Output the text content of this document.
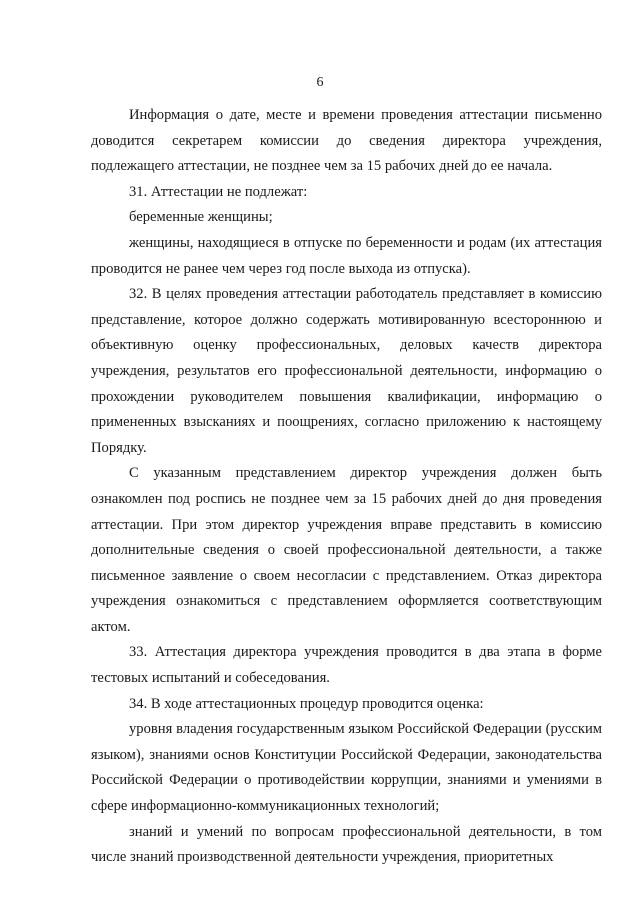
6

Информация о дате, месте и времени проведения аттестации письменно доводится секретарем комиссии до сведения директора учреждения, подлежащего аттестации, не позднее чем за 15 рабочих дней до ее начала.

31. Аттестации не подлежат:

беременные женщины;

женщины, находящиеся в отпуске по беременности и родам (их аттестация проводится не ранее чем через год после выхода из отпуска).

32. В целях проведения аттестации работодатель представляет в комиссию представление, которое должно содержать мотивированную всестороннюю и объективную оценку профессиональных, деловых качеств директора учреждения, результатов его профессиональной деятельности, информацию о прохождении руководителем повышения квалификации, информацию о примененных взысканиях и поощрениях, согласно приложению к настоящему Порядку.

С указанным представлением директор учреждения должен быть ознакомлен под роспись не позднее чем за 15 рабочих дней до дня проведения аттестации. При этом директор учреждения вправе представить в комиссию дополнительные сведения о своей профессиональной деятельности, а также письменное заявление о своем несогласии с представлением. Отказ директора учреждения ознакомиться с представлением оформляется соответствующим актом.

33. Аттестация директора учреждения проводится в два этапа в форме тестовых испытаний и собеседования.

34. В ходе аттестационных процедур проводится оценка:

уровня владения государственным языком Российской Федерации (русским языком), знаниями основ Конституции Российской Федерации, законодательства Российской Федерации о противодействии коррупции, знаниями и умениями в сфере информационно-коммуникационных технологий;

знаний и умений по вопросам профессиональной деятельности, в том числе знаний производственной деятельности учреждения, приоритетных
